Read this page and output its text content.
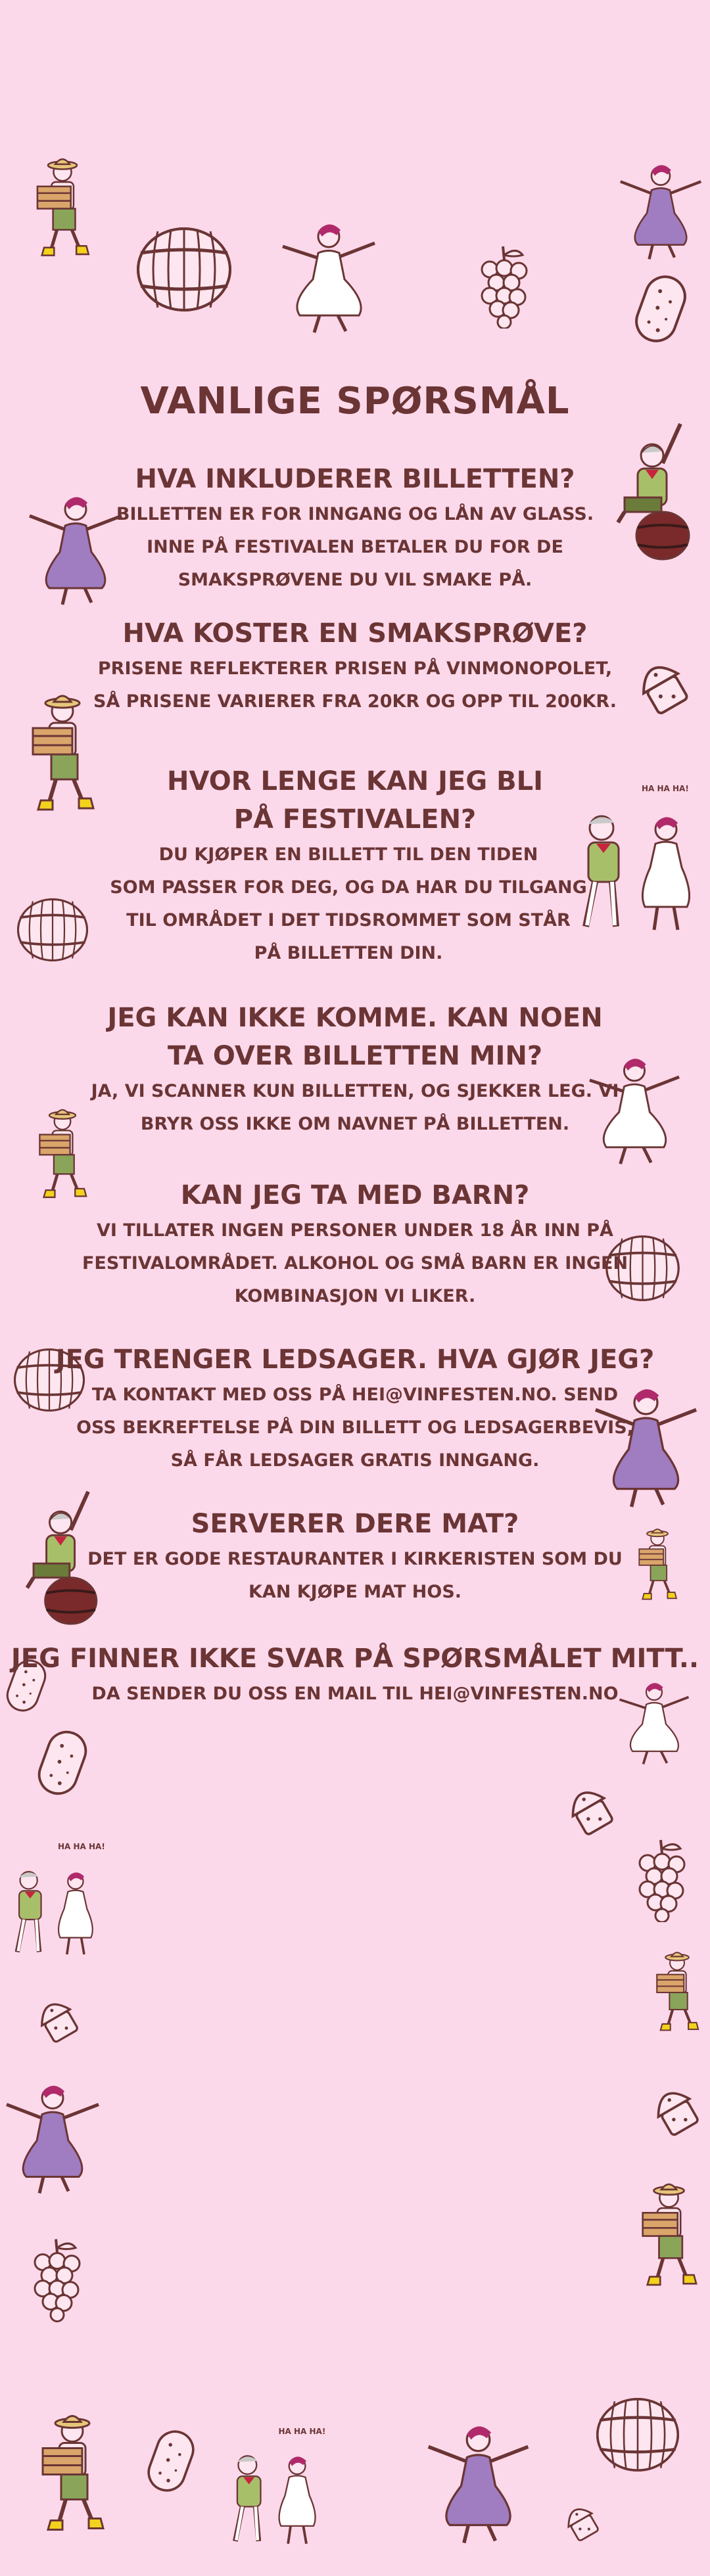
HA HA HA!
HA HA HA!
HA HA HA!
VANLIGE SPØRSMÅL
HVA INKLUDERER BILLETTEN?

BILLETTEN ER FOR INNGANG OG LÅN AV GLASS.

INNE PÅ FESTIVALEN BETALER DU FOR DE

SMAKSPRØVENE DU VIL SMAKE PÅ.

HVA KOSTER EN SMAKSPRØVE?

PRISENE REFLEKTERER PRISEN PÅ VINMONOPOLET,

SÅ PRISENE VARIERER FRA 20KR OG OPP TIL 200KR.

HVOR LENGE KAN JEG BLI PÅ FESTIVALEN?

DU KJØPER EN BILLETT TIL DEN TIDEN

SOM PASSER FOR DEG, OG DA HAR DU TILGANG

TIL OMRÅDET I DET TIDSROMMET SOM STÅR

PÅ BILLETTEN DIN.

JEG KAN IKKE KOMME. KAN NOEN TA OVER BILLETTEN MIN?

JA, VI SCANNER KUN BILLETTEN, OG SJEKKER LEG. VI

BRYR OSS IKKE OM NAVNET PÅ BILLETTEN.

KAN JEG TA MED BARN?

VI TILLATER INGEN PERSONER UNDER 18 ÅR INN PÅ

FESTIVALOMRÅDET. ALKOHOL OG SMÅ BARN ER INGEN

KOMBINASJON VI LIKER.

JEG TRENGER LEDSAGER. HVA GJØR JEG?

TA KONTAKT MED OSS PÅ HEI@VINFESTEN.NO. SEND

OSS BEKREFTELSE PÅ DIN BILLETT OG LEDSAGERBEVIS,

SÅ FÅR LEDSAGER GRATIS INNGANG.

SERVERER DERE MAT?

DET ER GODE RESTAURANTER I KIRKERISTEN SOM DU

KAN KJØPE MAT HOS.

JEG FINNER IKKE SVAR PÅ SPØRSMÅLET MITT..

DA SENDER DU OSS EN MAIL TIL HEI@VINFESTEN.NO
